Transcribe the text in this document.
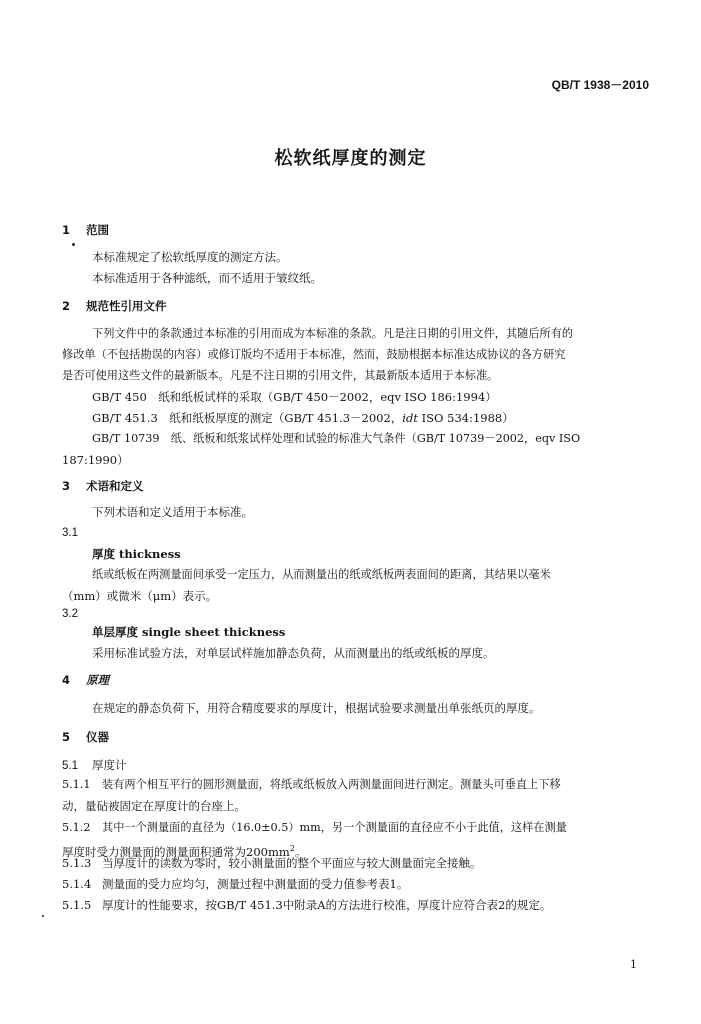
QB/T 1938－2010
松软纸厚度的测定
1 范围
本标准规定了松软纸厚度的测定方法。
本标准适用于各种滤纸，而不适用于皱纹纸。
2 规范性引用文件
下列文件中的条款通过本标准的引用而成为本标准的条款。凡是注日期的引用文件，其随后所有的
修改单（不包括勘误的内容）或修订版均不适用于本标准，然而，鼓励根据本标准达成协议的各方研究
是否可使用这些文件的最新版本。凡是不注日期的引用文件，其最新版本适用于本标准。
GB/T 450　纸和纸板试样的采取（GB/T 450－2002，eqv ISO 186:1994）
GB/T 451.3　纸和纸板厚度的测定（GB/T 451.3－2002，idt ISO 534:1988）
GB/T 10739　纸、纸板和纸浆试样处理和试验的标准大气条件（GB/T 10739－2002，eqv ISO
187:1990）
3 术语和定义
下列术语和定义适用于本标准。
3.1
厚度 thickness
纸或纸板在两测量面间承受一定压力，从而测量出的纸或纸板两表面间的距离，其结果以毫米
（mm）或微米（μm）表示。
3.2
单层厚度 single sheet thickness
采用标准试验方法，对单层试样施加静态负荷，从而测量出的纸或纸板的厚度。
4 原理
在规定的静态负荷下，用符合精度要求的厚度计，根据试验要求测量出单张纸页的厚度。
5 仪器
5.1 厚度计
5.1.1 装有两个相互平行的圆形测量面，将纸或纸板放入两测量面间进行测定。测量头可垂直上下移
动，量砧被固定在厚度计的台座上。
5.1.2 其中一个测量面的直径为（16.0±0.5）mm，另一个测量面的直径应不小于此值，这样在测量
厚度时受力测量面的测量面积通常为$200mm^2$。
5.1.3 当厚度计的读数为零时，较小测量面的整个平面应与较大测量面完全接触。
5.1.4 测量面的受力应均匀，测量过程中测量面的受力值参考表1。
5.1.5 厚度计的性能要求，按GB/T 451.3中附录A的方法进行校准，厚度计应符合表2的规定。
1
